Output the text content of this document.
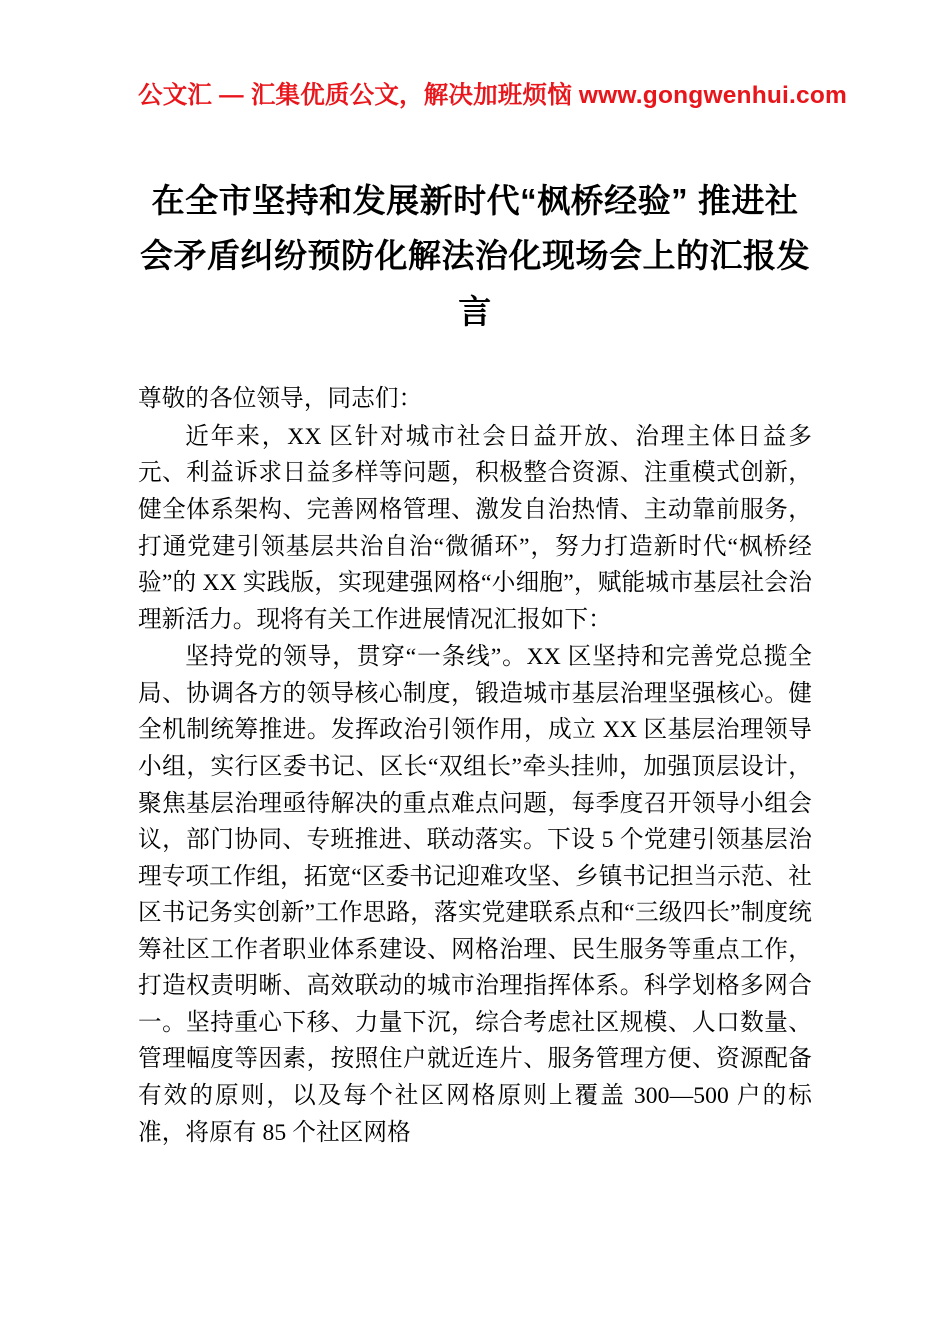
公文汇 — 汇集优质公文，解决加班烦恼 www.gongwenhui.com
在全市坚持和发展新时代“枫桥经验” 推进社会矛盾纠纷预防化解法治化现场会上的汇报发言

尊敬的各位领导，同志们：

近年来，XX 区针对城市社会日益开放、治理主体日益多元、利益诉求日益多样等问题，积极整合资源、注重模式创新，健全体系架构、完善网格管理、激发自治热情、主动靠前服务，打通党建引领基层共治自治“微循环”，努力打造新时代“枫桥经验”的 XX 实践版，实现建强网格“小细胞”，赋能城市基层社会治理新活力。现将有关工作进展情况汇报如下：

坚持党的领导，贯穿“一条线”。XX 区坚持和完善党总揽全局、协调各方的领导核心制度，锻造城市基层治理坚强核心。健全机制统筹推进。发挥政治引领作用，成立 XX 区基层治理领导小组，实行区委书记、区长“双组长”牵头挂帅，加强顶层设计，聚焦基层治理亟待解决的重点难点问题，每季度召开领导小组会议，部门协同、专班推进、联动落实。下设 5 个党建引领基层治理专项工作组，拓宽“区委书记迎难攻坚、乡镇书记担当示范、社区书记务实创新”工作思路，落实党建联系点和“三级四长”制度统筹社区工作者职业体系建设、网格治理、民生服务等重点工作，打造权责明晰、高效联动的城市治理指挥体系。科学划格多网合一。坚持重心下移、力量下沉，综合考虑社区规模、人口数量、管理幅度等因素，按照住户就近连片、服务管理方便、资源配备有效的原则，以及每个社区网格原则上覆盖 300—500 户的标准，将原有 85 个社区网格
